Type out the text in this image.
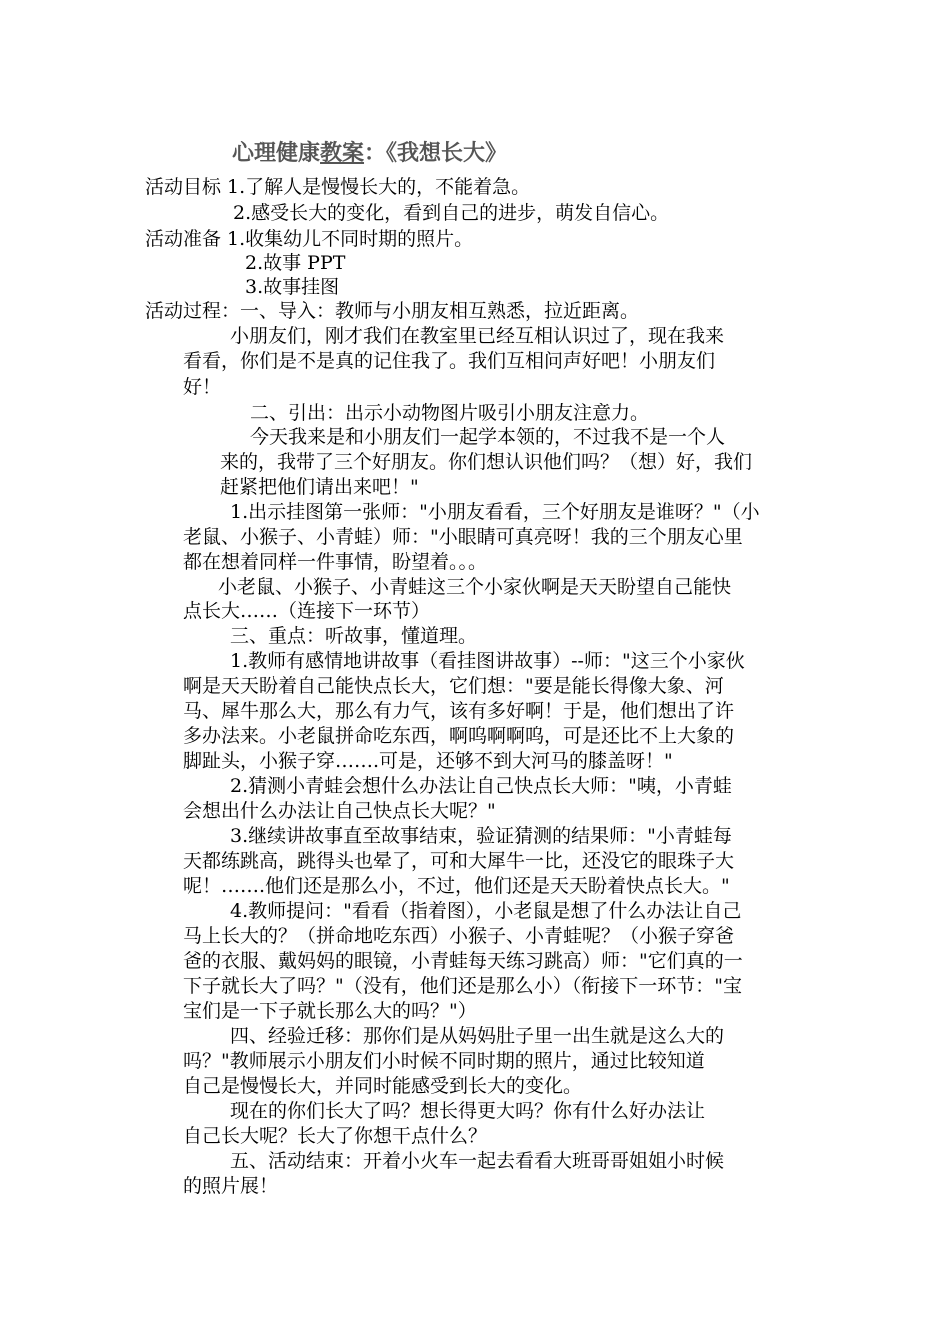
心理健康教案：《我想长大》

活动目标 1.了解人是慢慢长大的，不能着急。

2.感受长大的变化，看到自己的进步，萌发自信心。

活动准备 1.收集幼儿不同时期的照片。

2.故事 PPT

3.故事挂图

活动过程：一、导入：教师与小朋友相互熟悉，拉近距离。

小朋友们，刚才我们在教室里已经互相认识过了，现在我来

看看，你们是不是真的记住我了。我们互相问声好吧！小朋友们

好！

二、引出：出示小动物图片吸引小朋友注意力。

今天我来是和小朋友们一起学本领的，不过我不是一个人

来的，我带了三个好朋友。你们想认识他们吗？（想）好，我们

赶紧把他们请出来吧！"

1.出示挂图第一张师："小朋友看看，三个好朋友是谁呀？"（小

老鼠、小猴子、小青蛙）师："小眼睛可真亮呀！我的三个朋友心里

都在想着同样一件事情，盼望着。。。

小老鼠、小猴子、小青蛙这三个小家伙啊是天天盼望自己能快

点长大……（连接下一环节）

三、重点：听故事，懂道理。

1.教师有感情地讲故事（看挂图讲故事）--师："这三个小家伙

啊是天天盼着自己能快点长大，它们想："要是能长得像大象、河

马、犀牛那么大，那么有力气，该有多好啊！于是，他们想出了许

多办法来。小老鼠拼命吃东西，啊呜啊啊呜，可是还比不上大象的

脚趾头，小猴子穿…….可是，还够不到大河马的膝盖呀！"

2.猜测小青蛙会想什么办法让自己快点长大师："咦，小青蛙

会想出什么办法让自己快点长大呢？"

3.继续讲故事直至故事结束，验证猜测的结果师："小青蛙每

天都练跳高，跳得头也晕了，可和大犀牛一比，还没它的眼珠子大

呢！…….他们还是那么小，不过，他们还是天天盼着快点长大。"

4.教师提问："看看（指着图），小老鼠是想了什么办法让自己

马上长大的？（拼命地吃东西）小猴子、小青蛙呢？（小猴子穿爸

爸的衣服、戴妈妈的眼镜，小青蛙每天练习跳高）师："它们真的一

下子就长大了吗？"（没有，他们还是那么小）（衔接下一环节："宝

宝们是一下子就长那么大的吗？"）

四、经验迁移：那你们是从妈妈肚子里一出生就是这么大的

吗？"教师展示小朋友们小时候不同时期的照片，通过比较知道

自己是慢慢长大，并同时能感受到长大的变化。

现在的你们长大了吗？想长得更大吗？你有什么好办法让

自己长大呢？长大了你想干点什么？

五、活动结束：开着小火车一起去看看大班哥哥姐姐小时候

的照片展！
